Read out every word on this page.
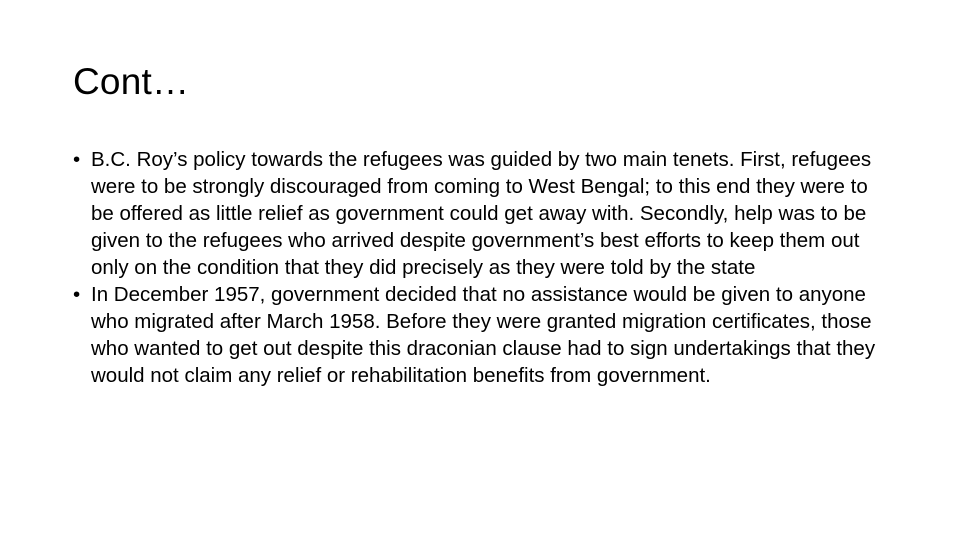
Cont…
• B.C. Roy’s policy towards the refugees was guided by two main tenets. First, refugees were to be strongly discouraged from coming to West Bengal; to this end they were to be offered as little relief as government could get away with. Secondly, help was to be given to the refugees who arrived despite government’s best efforts to keep them out only on the condition that they did precisely as they were told by the state
• In December 1957, government decided that no assistance would be given to anyone who migrated after March 1958. Before they were granted migration certificates, those who wanted to get out despite this draconian clause had to sign undertakings that they would not claim any relief or rehabilitation benefits from government.
